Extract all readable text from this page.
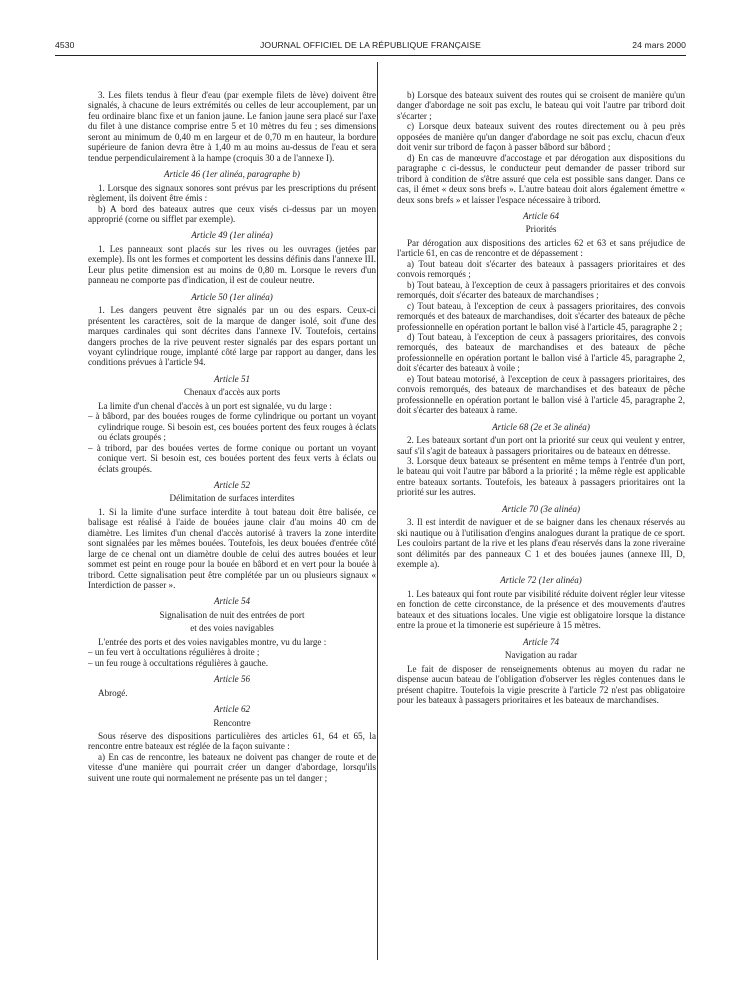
4530	JOURNAL OFFICIEL DE LA RÉPUBLIQUE FRANÇAISE	24 mars 2000

3. Les filets tendus à fleur d'eau (par exemple filets de lève) doivent être signalés, à chacune de leurs extrémités ou celles de leur accouplement, par un feu ordinaire blanc fixe et un fanion jaune. Le fanion jaune sera placé sur l'axe du filet à une distance comprise entre 5 et 10 mètres du feu ; ses dimensions seront au minimum de 0,40 m en largeur et de 0,70 m en hauteur, la bordure supérieure de fanion devra être à 1,40 m au moins au-dessus de l'eau et sera tendue perpendiculairement à la hampe (croquis 30 a de l'annexe I).

Article 46 (1er alinéa, paragraphe b)

1. Lorsque des signaux sonores sont prévus par les prescriptions du présent règlement, ils doivent être émis :

b) A bord des bateaux autres que ceux visés ci-dessus par un moyen approprié (corne ou sifflet par exemple).

Article 49 (1er alinéa)

1. Les panneaux sont placés sur les rives ou les ouvrages (jetées par exemple). Ils ont les formes et comportent les dessins définis dans l'annexe III. Leur plus petite dimension est au moins de 0,80 m. Lorsque le revers d'un panneau ne comporte pas d'indication, il est de couleur neutre.

Article 50 (1er alinéa)

1. Les dangers peuvent être signalés par un ou des espars. Ceux-ci présentent les caractères, soit de la marque de danger isolé, soit d'une des marques cardinales qui sont décrites dans l'annexe IV. Toutefois, certains dangers proches de la rive peuvent rester signalés par des espars portant un voyant cylindrique rouge, implanté côté large par rapport au danger, dans les conditions prévues à l'article 94.

Article 51

Chenaux d'accès aux ports

La limite d'un chenal d'accès à un port est signalée, vu du large :

– à bâbord, par des bouées rouges de forme cylindrique ou portant un voyant cylindrique rouge. Si besoin est, ces bouées portent des feux rouges à éclats ou éclats groupés ;

– à tribord, par des bouées vertes de forme conique ou portant un voyant conique vert. Si besoin est, ces bouées portent des feux verts à éclats ou éclats groupés.

Article 52

Délimitation de surfaces interdites

1. Si la limite d'une surface interdite à tout bateau doit être balisée, ce balisage est réalisé à l'aide de bouées jaune clair d'au moins 40 cm de diamètre. Les limites d'un chenal d'accès autorisé à travers la zone interdite sont signalées par les mêmes bouées. Toutefois, les deux bouées d'entrée côté large de ce chenal ont un diamètre double de celui des autres bouées et leur sommet est peint en rouge pour la bouée en bâbord et en vert pour la bouée à tribord. Cette signalisation peut être complétée par un ou plusieurs signaux « Interdiction de passer ».

Article 54

Signalisation de nuit des entrées de port

et des voies navigables

L'entrée des ports et des voies navigables montre, vu du large :

– un feu vert à occultations régulières à droite ;

– un feu rouge à occultations régulières à gauche.

Article 56

Abrogé.

Article 62

Rencontre

Sous réserve des dispositions particulières des articles 61, 64 et 65, la rencontre entre bateaux est réglée de la façon suivante :

a) En cas de rencontre, les bateaux ne doivent pas changer de route et de vitesse d'une manière qui pourrait créer un danger d'abordage, lorsqu'ils suivent une route qui normalement ne présente pas un tel danger ;

b) Lorsque des bateaux suivent des routes qui se croisent de manière qu'un danger d'abordage ne soit pas exclu, le bateau qui voit l'autre par tribord doit s'écarter ;

c) Lorsque deux bateaux suivent des routes directement ou à peu près opposées de manière qu'un danger d'abordage ne soit pas exclu, chacun d'eux doit venir sur tribord de façon à passer bâbord sur bâbord ;

d) En cas de manœuvre d'accostage et par dérogation aux dispositions du paragraphe c ci-dessus, le conducteur peut demander de passer tribord sur tribord à condition de s'être assuré que cela est possible sans danger. Dans ce cas, il émet « deux sons brefs ». L'autre bateau doit alors également émettre « deux sons brefs » et laisser l'espace nécessaire à tribord.

Article 64

Priorités

Par dérogation aux dispositions des articles 62 et 63 et sans préjudice de l'article 61, en cas de rencontre et de dépassement :

a) Tout bateau doit s'écarter des bateaux à passagers prioritaires et des convois remorqués ;

b) Tout bateau, à l'exception de ceux à passagers prioritaires et des convois remorqués, doit s'écarter des bateaux de marchandises ;

c) Tout bateau, à l'exception de ceux à passagers prioritaires, des convois remorqués et des bateaux de marchandises, doit s'écarter des bateaux de pêche professionnelle en opération portant le ballon visé à l'article 45, paragraphe 2 ;

d) Tout bateau, à l'exception de ceux à passagers prioritaires, des convois remorqués, des bateaux de marchandises et des bateaux de pêche professionnelle en opération portant le ballon visé à l'article 45, paragraphe 2, doit s'écarter des bateaux à voile ;

e) Tout bateau motorisé, à l'exception de ceux à passagers prioritaires, des convois remorqués, des bateaux de marchandises et des bateaux de pêche professionnelle en opération portant le ballon visé à l'article 45, paragraphe 2, doit s'écarter des bateaux à rame.

Article 68 (2e et 3e alinéa)

2. Les bateaux sortant d'un port ont la priorité sur ceux qui veulent y entrer, sauf s'il s'agit de bateaux à passagers prioritaires ou de bateaux en détresse.

3. Lorsque deux bateaux se présentent en même temps à l'entrée d'un port, le bateau qui voit l'autre par bâbord a la priorité ; la même règle est applicable entre bateaux sortants. Toutefois, les bateaux à passagers prioritaires ont la priorité sur les autres.

Article 70 (3e alinéa)

3. Il est interdit de naviguer et de se baigner dans les chenaux réservés au ski nautique ou à l'utilisation d'engins analogues durant la pratique de ce sport. Les couloirs partant de la rive et les plans d'eau réservés dans la zone riveraine sont délimités par des panneaux C 1 et des bouées jaunes (annexe III, D, exemple a).

Article 72 (1er alinéa)

1. Les bateaux qui font route par visibilité réduite doivent régler leur vitesse en fonction de cette circonstance, de la présence et des mouvements d'autres bateaux et des situations locales. Une vigie est obligatoire lorsque la distance entre la proue et la timonerie est supérieure à 15 mètres.

Article 74

Navigation au radar

Le fait de disposer de renseignements obtenus au moyen du radar ne dispense aucun bateau de l'obligation d'observer les règles contenues dans le présent chapitre. Toutefois la vigie prescrite à l'article 72 n'est pas obligatoire pour les bateaux à passagers prioritaires et les bateaux de marchandises.
